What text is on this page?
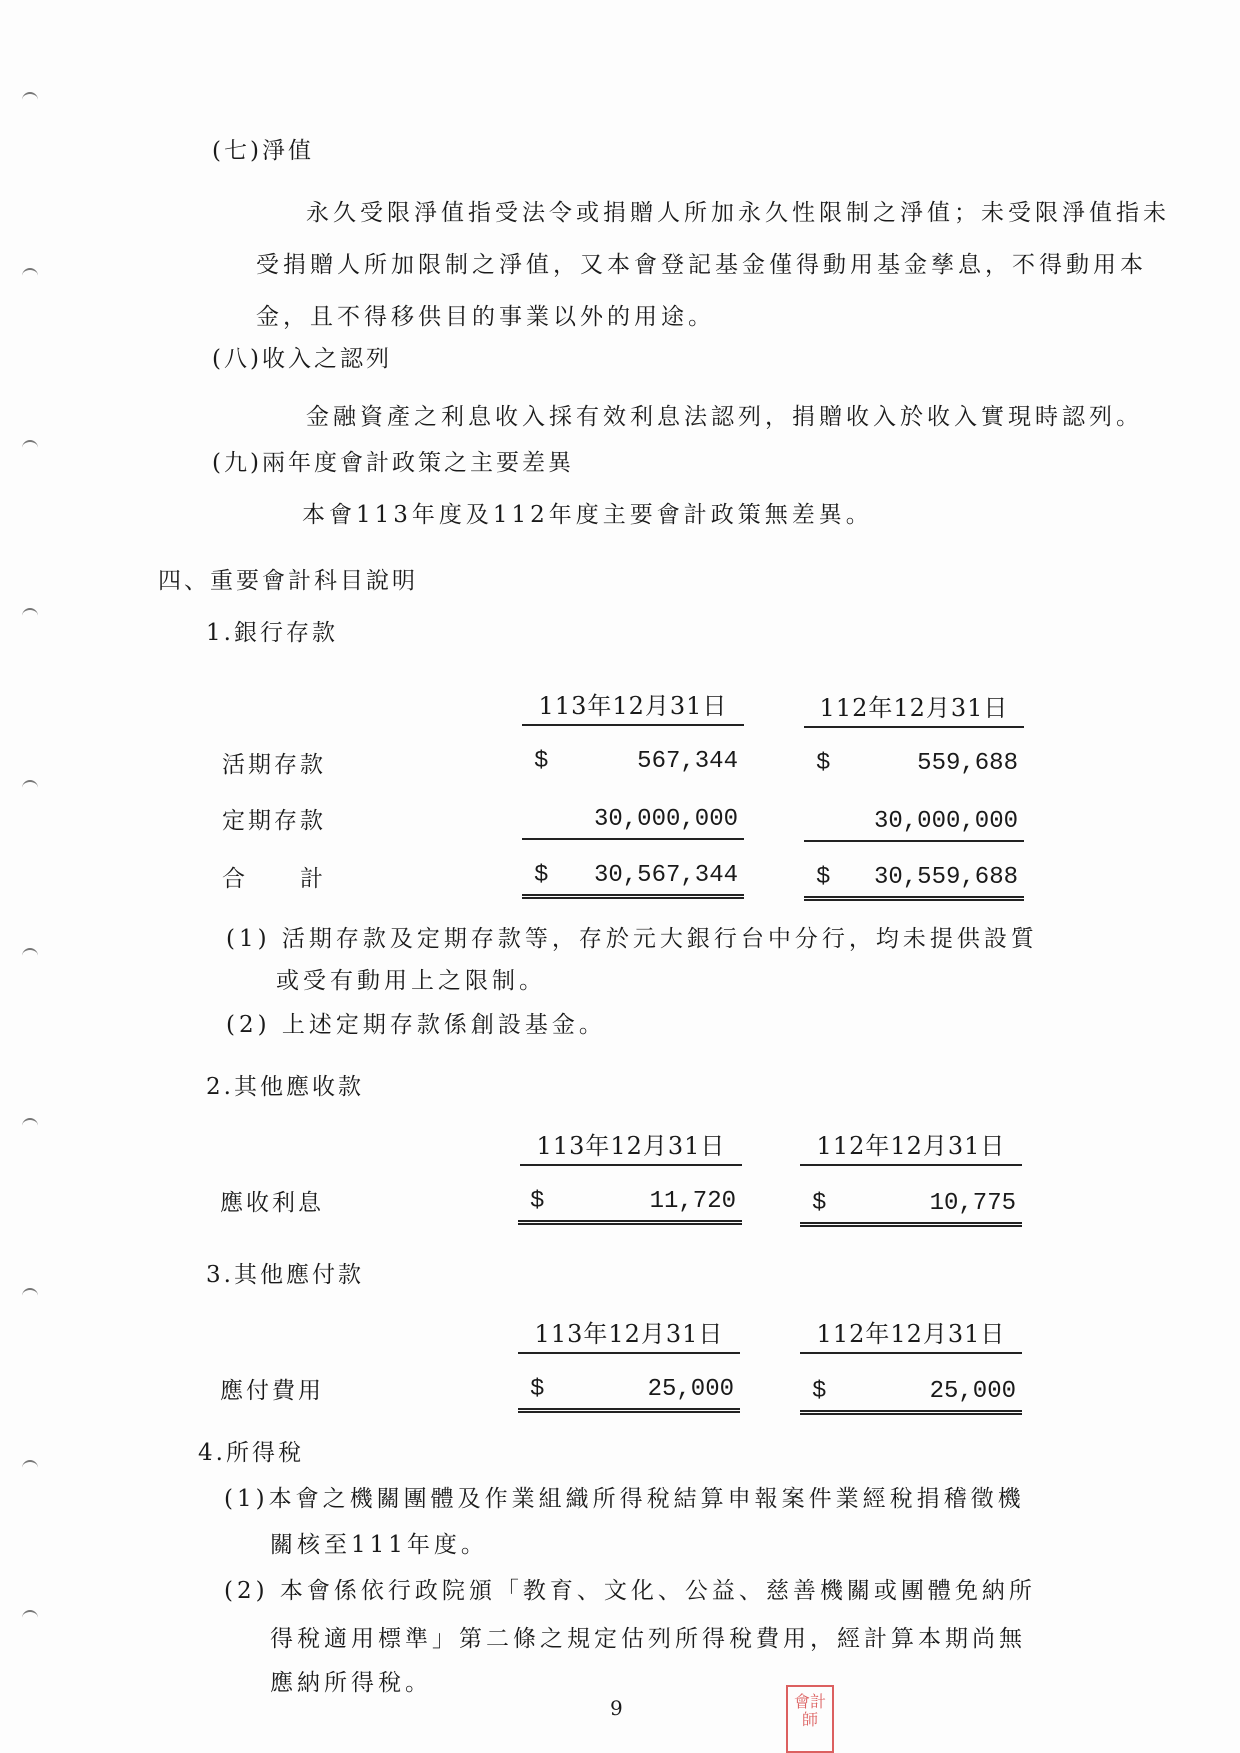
(七)淨值
永久受限淨值指受法令或捐贈人所加永久性限制之淨值；未受限淨值指未
受捐贈人所加限制之淨值，又本會登記基金僅得動用基金孳息，不得動用本
金，且不得移供目的事業以外的用途。
(八)收入之認列
金融資產之利息收入採有效利息法認列，捐贈收入於收入實現時認列。
(九)兩年度會計政策之主要差異
本會113年度及112年度主要會計政策無差異。
四、重要會計科目說明
1.銀行存款
113年12月31日	112年12月31日
活期存款	$	567,344	$	559,688
定期存款	30,000,000	30,000,000
合　　計	$ 30,567,344	$ 30,559,688
(1) 活期存款及定期存款等，存於元大銀行台中分行，均未提供設質
或受有動用上之限制。
(2) 上述定期存款係創設基金。
2.其他應收款
113年12月31日	112年12月31日
應收利息	$	11,720	$	10,775
3.其他應付款
113年12月31日	112年12月31日
應付費用	$	25,000	$	25,000
4.所得稅
(1)本會之機關團體及作業組織所得稅結算申報案件業經稅捐稽徵機
關核至111年度。
(2) 本會係依行政院頒「教育、文化、公益、慈善機關或團體免納所
得稅適用標準」第二條之規定估列所得稅費用，經計算本期尚無
應納所得稅。
9	會計師
